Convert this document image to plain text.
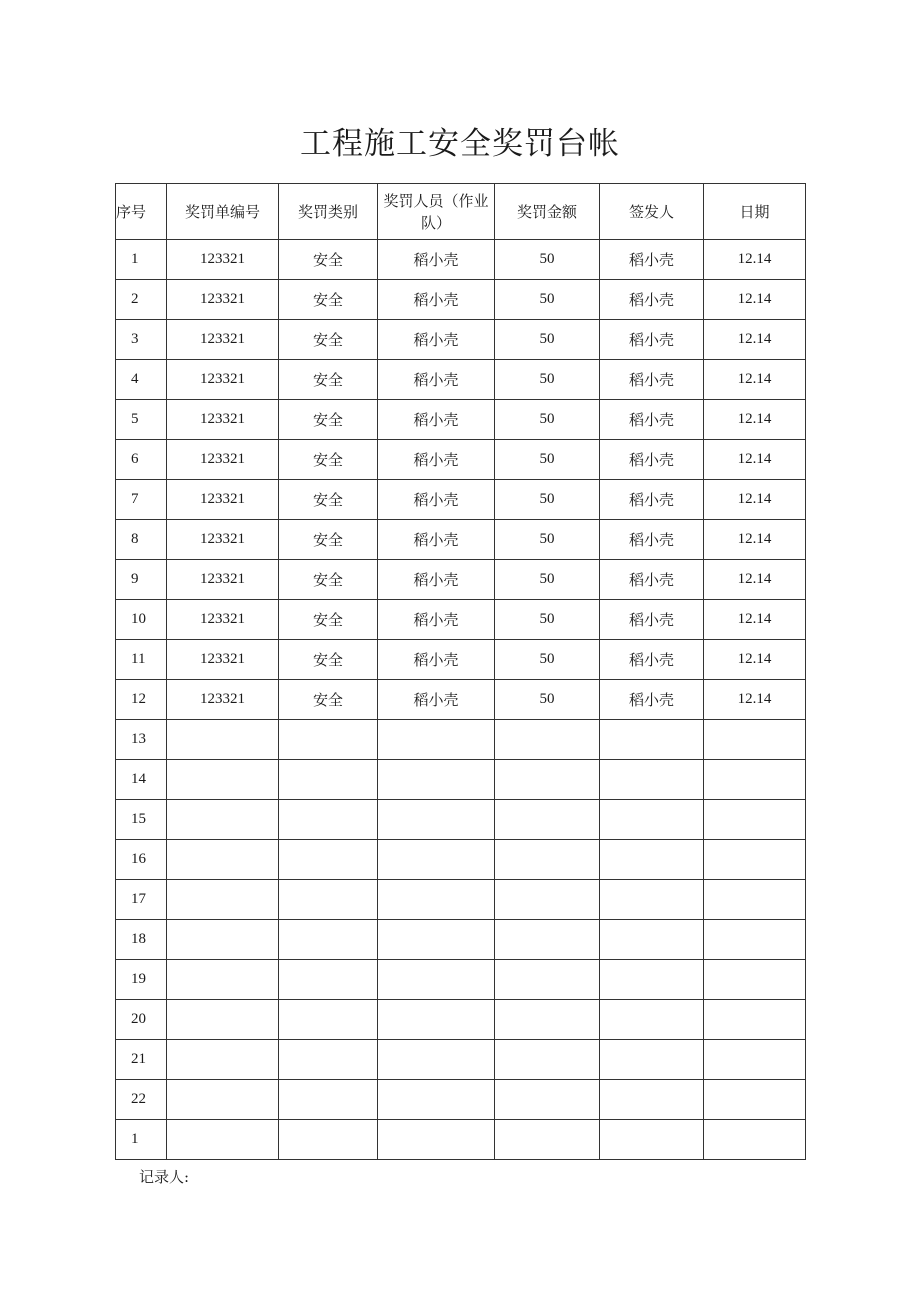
工程施工安全奖罚台帐
序号	奖罚单编号	奖罚类别	奖罚人员（作业队）	奖罚金额	签发人	日期
1	123321	安全	稻小壳	50	稻小壳	12.14
2	123321	安全	稻小壳	50	稻小壳	12.14
3	123321	安全	稻小壳	50	稻小壳	12.14
4	123321	安全	稻小壳	50	稻小壳	12.14
5	123321	安全	稻小壳	50	稻小壳	12.14
6	123321	安全	稻小壳	50	稻小壳	12.14
7	123321	安全	稻小壳	50	稻小壳	12.14
8	123321	安全	稻小壳	50	稻小壳	12.14
9	123321	安全	稻小壳	50	稻小壳	12.14
10	123321	安全	稻小壳	50	稻小壳	12.14
11	123321	安全	稻小壳	50	稻小壳	12.14
12	123321	安全	稻小壳	50	稻小壳	12.14
13						
14						
15						
16						
17						
18						
19						
20						
21						
22						
1						
记录人:
